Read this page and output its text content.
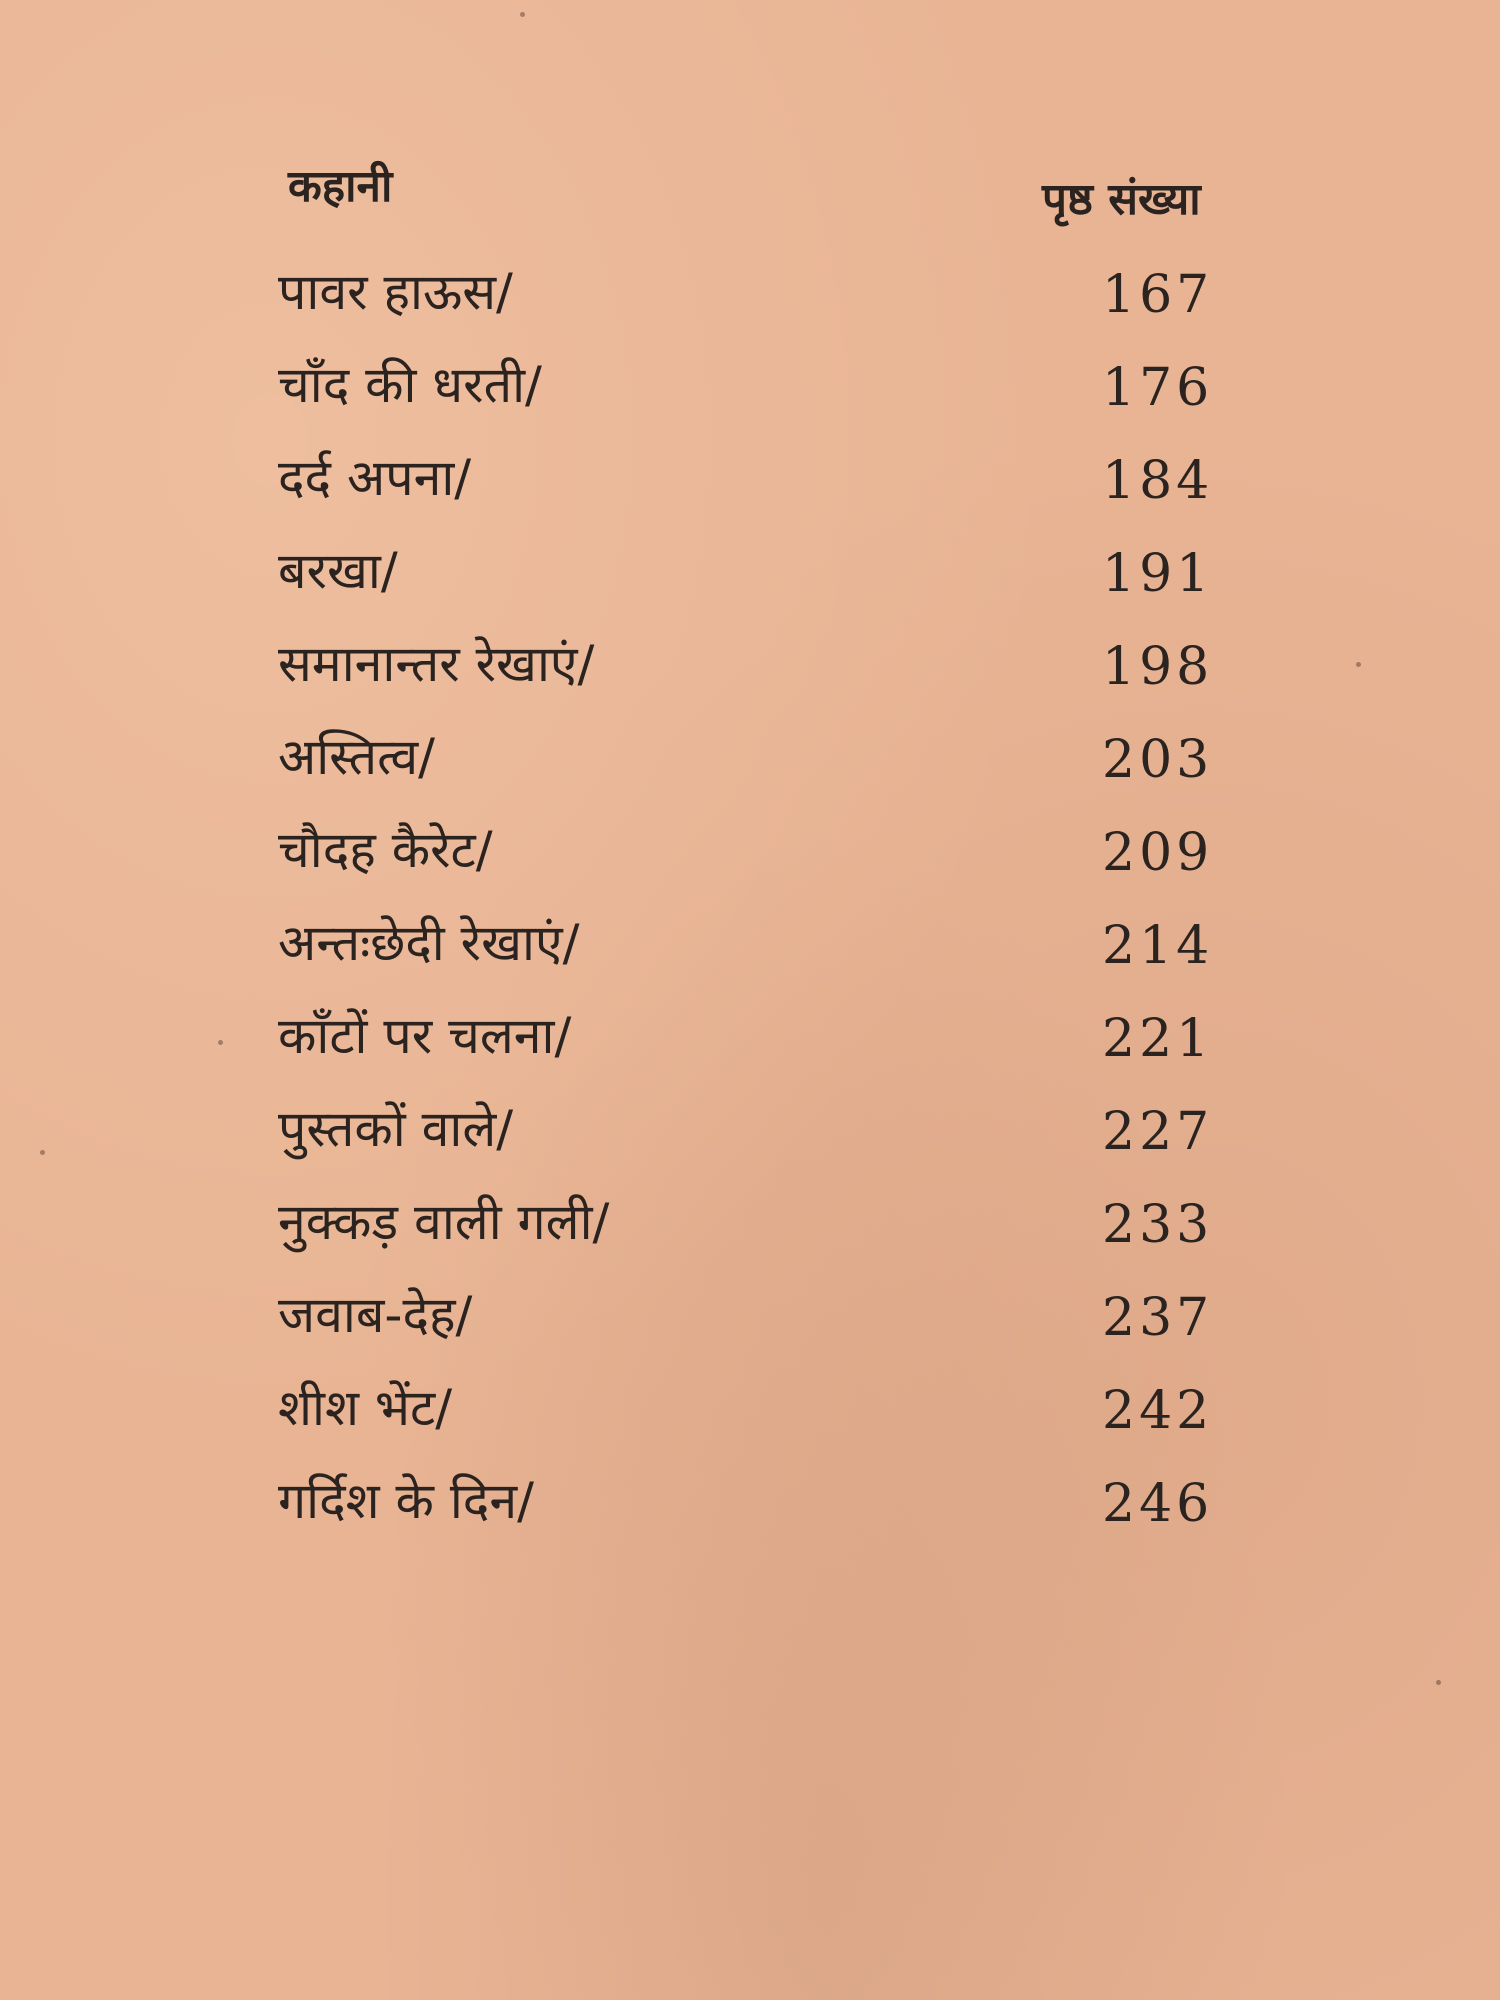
कहानी	पृष्ठ संख्या
पावर हाऊस/	167
चाँद की धरती/	176
दर्द अपना/	184
बरखा/	191
समानान्तर रेखाएं/	198
अस्तित्व/	203
चौदह कैरेट/	209
अन्तःछेदी रेखाएं/	214
काँटों पर चलना/	221
पुस्तकों वाले/	227
नुक्कड़ वाली गली/	233
जवाब-देह/	237
शीश भेंट/	242
गर्दिश के दिन/	246
